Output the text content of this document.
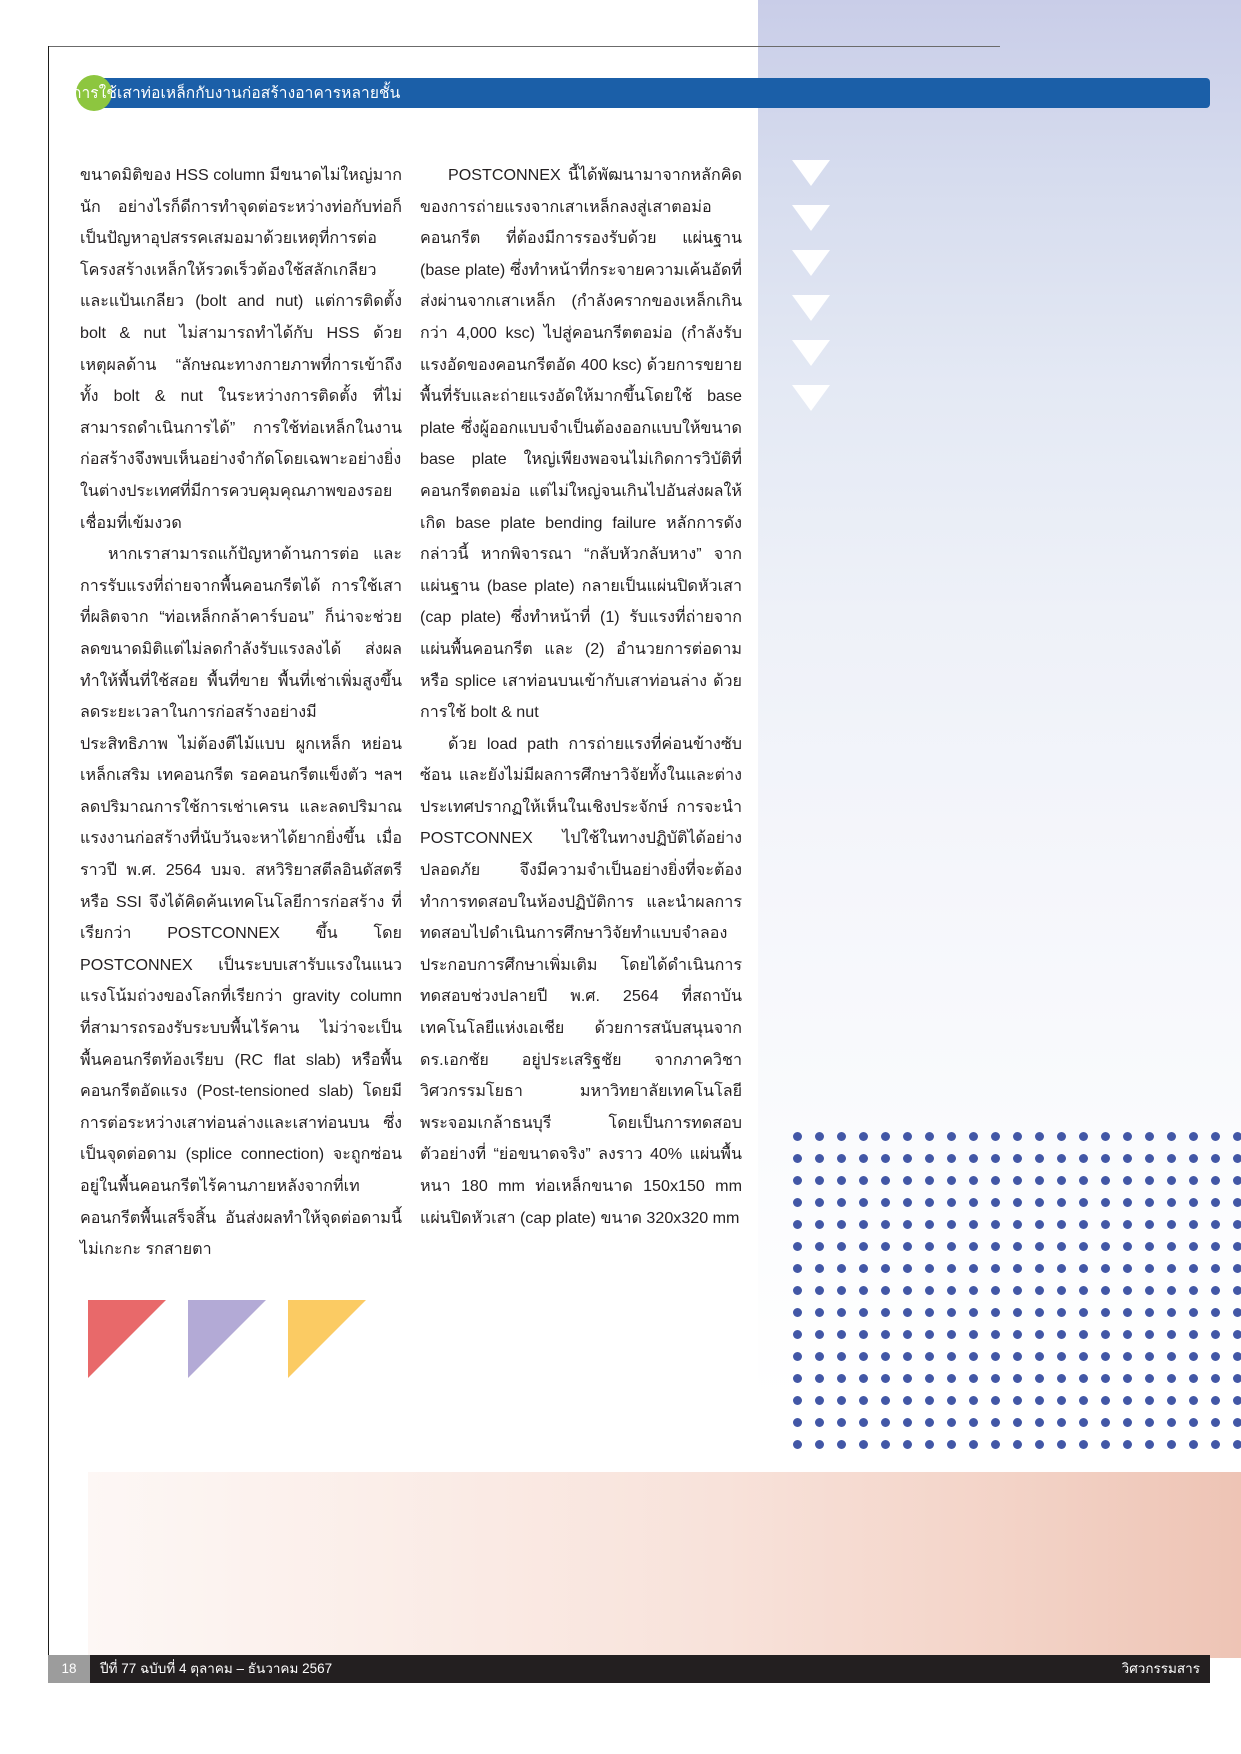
การใช้เสาท่อเหล็กกับงานก่อสร้างอาคารหลายชั้น

ขนาดมิติของ HSS column มีขนาดไม่ใหญ่มากนัก อย่างไรก็ดีการทำจุดต่อระหว่างท่อกับท่อก็เป็นปัญหาอุปสรรคเสมอมาด้วยเหตุที่การต่อโครงสร้างเหล็กให้รวดเร็วต้องใช้สลักเกลียวและแป้นเกลียว (bolt and nut) แต่การติดตั้ง bolt & nut ไม่สามารถทำได้กับ HSS ด้วยเหตุผลด้าน “ลักษณะทางกายภาพที่การเข้าถึงทั้ง bolt & nut ในระหว่างการติดตั้ง ที่ไม่สามารถดำเนินการได้” การใช้ท่อเหล็กในงานก่อสร้างจึงพบเห็นอย่างจำกัดโดยเฉพาะอย่างยิ่งในต่างประเทศที่มีการควบคุมคุณภาพของรอยเชื่อมที่เข้มงวด

หากเราสามารถแก้ปัญหาด้านการต่อ และการรับแรงที่ถ่ายจากพื้นคอนกรีตได้ การใช้เสาที่ผลิตจาก “ท่อเหล็กกล้าคาร์บอน” ก็น่าจะช่วย ลดขนาดมิติแต่ไม่ลดกำลังรับแรงลงได้ ส่งผลทำให้พื้นที่ใช้สอย พื้นที่ขาย พื้นที่เช่าเพิ่มสูงขึ้น ลดระยะเวลาในการก่อสร้างอย่างมีประสิทธิภาพ ไม่ต้องตีไม้แบบ ผูกเหล็ก หย่อนเหล็กเสริม เทคอนกรีต รอคอนกรีตแข็งตัว ฯลฯ ลดปริมาณการใช้การเช่าเครน และลดปริมาณแรงงานก่อสร้างที่นับวันจะหาได้ยากยิ่งขึ้น เมื่อราวปี พ.ศ. 2564 บมจ. สหวิริยาสตีลอินดัสตรี หรือ SSI จึงได้คิดค้นเทคโนโลยีการก่อสร้าง ที่เรียกว่า POSTCONNEX ขึ้น โดย POSTCONNEX เป็นระบบเสารับแรงในแนวแรงโน้มถ่วงของโลกที่เรียกว่า gravity column ที่สามารถรองรับระบบพื้นไร้คาน ไม่ว่าจะเป็น พื้นคอนกรีตท้องเรียบ (RC flat slab) หรือพื้นคอนกรีตอัดแรง (Post-tensioned slab) โดยมีการต่อระหว่างเสาท่อนล่างและเสาท่อนบน ซึ่งเป็นจุดต่อดาม (splice connection) จะถูกซ่อนอยู่ในพื้นคอนกรีตไร้คานภายหลังจากที่เทคอนกรีตพื้นเสร็จสิ้น อันส่งผลทำให้จุดต่อดามนี้ไม่เกะกะ รกสายตา

POSTCONNEX นี้ได้พัฒนามาจากหลักคิดของการถ่ายแรงจากเสาเหล็กลงสู่เสาตอม่อคอนกรีต ที่ต้องมีการรองรับด้วย แผ่นฐาน (base plate) ซึ่งทำหน้าที่กระจายความเค้นอัดที่ส่งผ่านจากเสาเหล็ก (กำลังครากของเหล็กเกินกว่า 4,000 ksc) ไปสู่คอนกรีตตอม่อ (กำลังรับแรงอัดของคอนกรีตอัด 400 ksc) ด้วยการขยายพื้นที่รับและถ่ายแรงอัดให้มากขึ้นโดยใช้ base plate ซึ่งผู้ออกแบบจำเป็นต้องออกแบบให้ขนาด base plate ใหญ่เพียงพอจนไม่เกิดการวิบัติที่คอนกรีตตอม่อ แต่ไม่ใหญ่จนเกินไปอันส่งผลให้เกิด base plate bending failure หลักการดังกล่าวนี้ หากพิจารณา “กลับหัวกลับหาง” จาก แผ่นฐาน (base plate) กลายเป็นแผ่นปิดหัวเสา (cap plate) ซึ่งทำหน้าที่ (1) รับแรงที่ถ่ายจากแผ่นพื้นคอนกรีต และ (2) อำนวยการต่อดาม หรือ splice เสาท่อนบนเข้ากับเสาท่อนล่าง ด้วยการใช้ bolt & nut

ด้วย load path การถ่ายแรงที่ค่อนข้างซับซ้อน และยังไม่มีผลการศึกษาวิจัยทั้งในและต่างประเทศปรากฏให้เห็นในเชิงประจักษ์ การจะนำ POSTCONNEX ไปใช้ในทางปฏิบัติได้อย่างปลอดภัย จึงมีความจำเป็นอย่างยิ่งที่จะต้องทำการทดสอบในห้องปฏิบัติการ และนำผลการทดสอบไปดำเนินการศึกษาวิจัยทำแบบจำลองประกอบการศึกษาเพิ่มเติม โดยได้ดำเนินการทดสอบช่วงปลายปี พ.ศ. 2564 ที่สถาบันเทคโนโลยีแห่งเอเชีย ด้วยการสนับสนุนจาก ดร.เอกชัย อยู่ประเสริฐชัย จากภาควิชาวิศวกรรมโยธา มหาวิทยาลัยเทคโนโลยีพระจอมเกล้าธนบุรี โดยเป็นการทดสอบตัวอย่างที่ “ย่อขนาดจริง” ลงราว 40% แผ่นพื้นหนา 180 mm ท่อเหล็กขนาด 150x150 mm แผ่นปิดหัวเสา (cap plate) ขนาด 320x320 mm

18	ปีที่ 77 ฉบับที่ 4 ตุลาคม – ธันวาคม 2567	วิศวกรรมสาร
